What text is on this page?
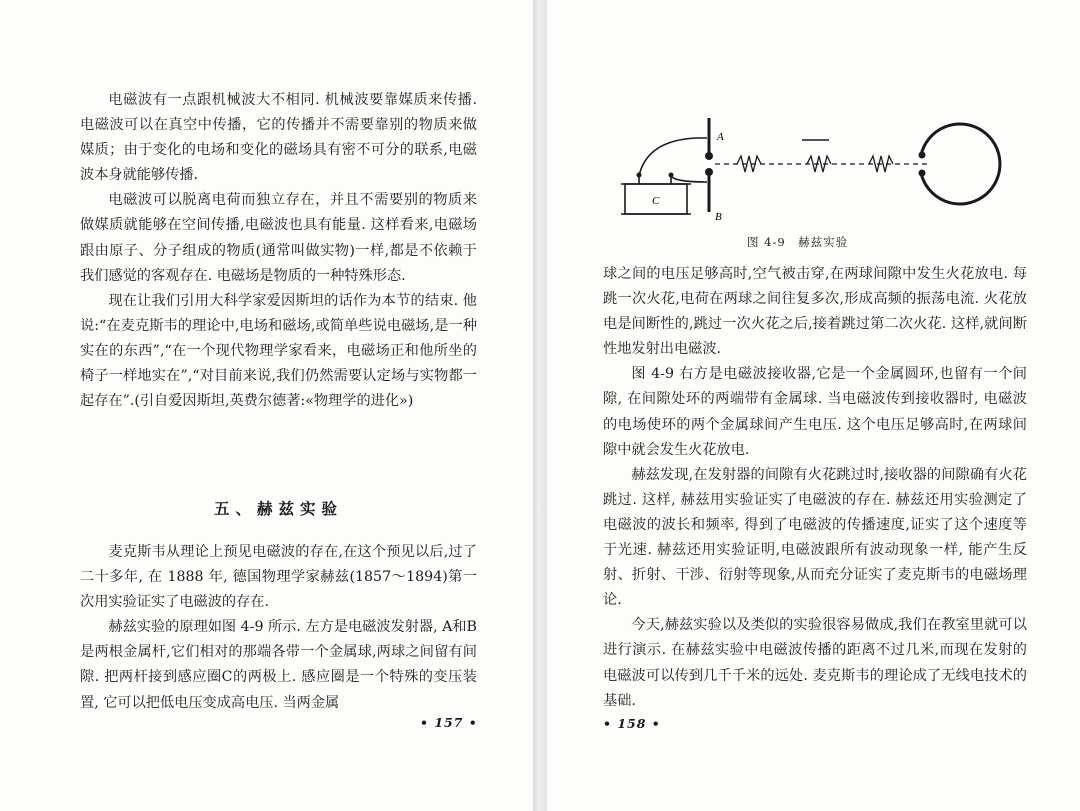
电磁波有一点跟机械波大不相同. 机械波要靠媒质来传播. 电磁波可以在真空中传播，它的传播并不需要靠别的物质来做媒质；由于变化的电场和变化的磁场具有密不可分的联系,电磁波本身就能够传播.

电磁波可以脱离电荷而独立存在，并且不需要别的物质来做媒质就能够在空间传播,电磁波也具有能量. 这样看来,电磁场跟由原子、分子组成的物质(通常叫做实物)一样,都是不依赖于我们感觉的客观存在. 电磁场是物质的一种特殊形态.

现在让我们引用大科学家爱因斯坦的话作为本节的结束. 他说:“在麦克斯韦的理论中,电场和磁场,或简单些说电磁场,是一种实在的东西”,“在一个现代物理学家看来，电磁场正和他所坐的椅子一样地实在”,“对目前来说,我们仍然需要认定场与实物都一起存在”.(引自爱因斯坦,英费尔德著:«物理学的进化»)

五、赫兹实验

麦克斯韦从理论上预见电磁波的存在,在这个预见以后,过了二十多年, 在 1888 年, 德国物理学家赫兹(1857～1894)第一次用实验证实了电磁波的存在.

赫兹实验的原理如图 4-9 所示. 左方是电磁波发射器, A和B是两根金属杆,它们相对的那端各带一个金属球,两球之间留有间隙. 把两杆接到感应圈C的两极上. 感应圈是一个特殊的变压装置, 它可以把低电压变成高电压. 当两金属

• 157 •
A
B
C
图 4-9　赫兹实验

球之间的电压足够高时,空气被击穿,在两球间隙中发生火花放电. 每跳一次火花,电荷在两球之间往复多次,形成高频的振荡电流. 火花放电是间断性的,跳过一次火花之后,接着跳过第二次火花. 这样,就间断性地发射出电磁波.

图 4-9 右方是电磁波接收器,它是一个金属圆环,也留有一个间隙, 在间隙处环的两端带有金属球. 当电磁波传到接收器时, 电磁波的电场使环的两个金属球间产生电压. 这个电压足够高时,在两球间隙中就会发生火花放电.

赫兹发现,在发射器的间隙有火花跳过时,接收器的间隙确有火花跳过. 这样, 赫兹用实验证实了电磁波的存在. 赫兹还用实验测定了电磁波的波长和频率, 得到了电磁波的传播速度,证实了这个速度等于光速. 赫兹还用实验证明,电磁波跟所有波动现象一样, 能产生反射、折射、干涉、衍射等现象,从而充分证实了麦克斯韦的电磁场理论.

今天,赫兹实验以及类似的实验很容易做成,我们在教室里就可以进行演示. 在赫兹实验中电磁波传播的距离不过几米,而现在发射的电磁波可以传到几千千米的远处. 麦克斯韦的理论成了无线电技术的基础.

• 158 •
